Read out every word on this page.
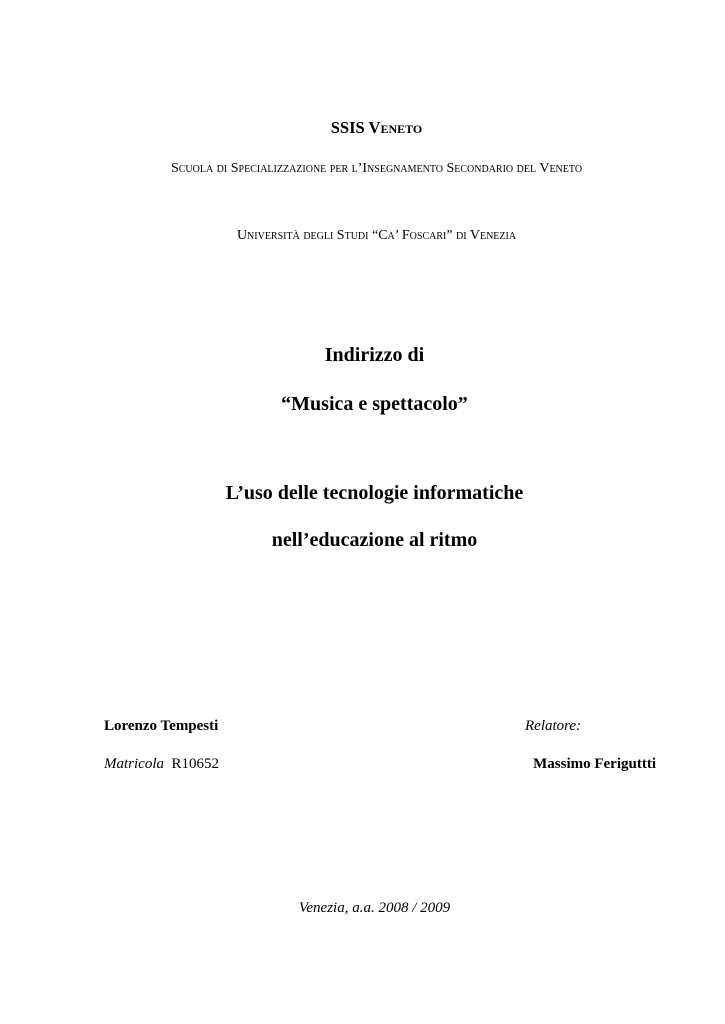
SSIS Veneto
Scuola di Specializzazione per l’Insegnamento Secondario del Veneto
Università degli Studi “Ca’ Foscari” di Venezia
Indirizzo di
“Musica e spettacolo”
L’uso delle tecnologie informatiche
nell’educazione al ritmo
Lorenzo Tempesti
Matricola R10652
Relatore:
Massimo Feriguttti
Venezia, a.a. 2008 / 2009
